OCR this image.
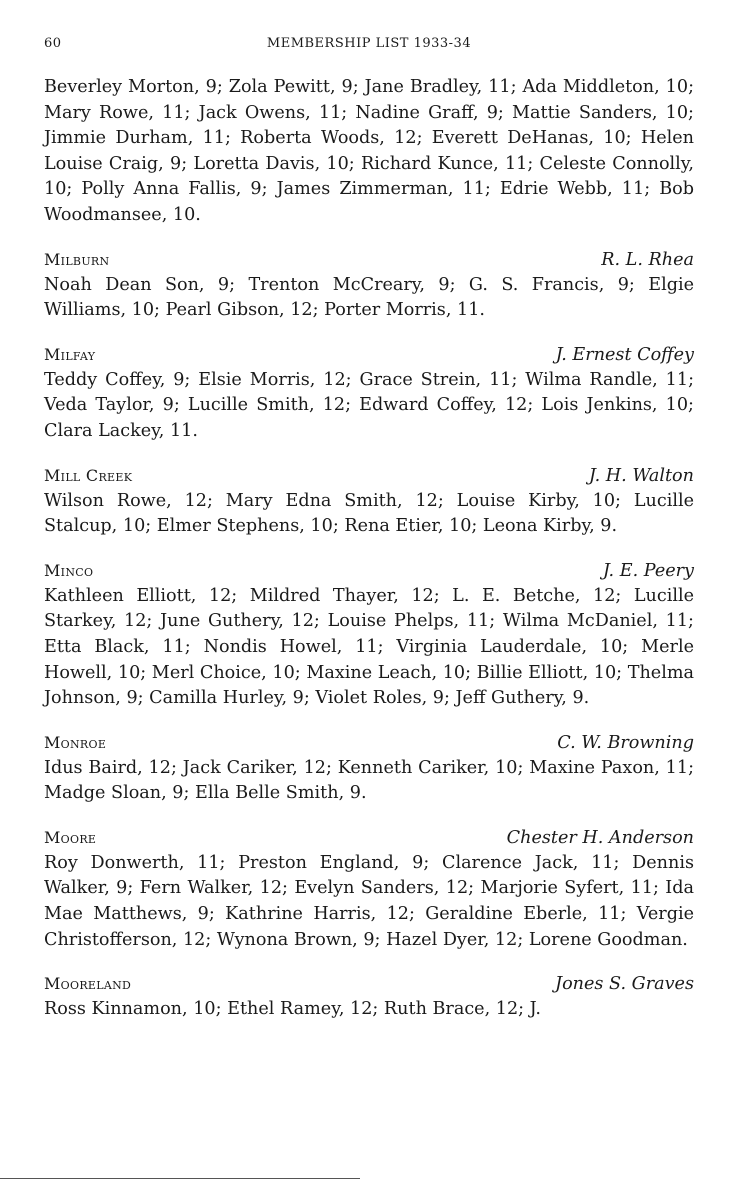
60	MEMBERSHIP LIST 1933-34

Beverley Morton, 9; Zola Pewitt, 9; Jane Bradley, 11; Ada Middleton, 10; Mary Rowe, 11; Jack Owens, 11; Nadine Graff, 9; Mattie Sanders, 10; Jimmie Durham, 11; Roberta Woods, 12; Everett DeHanas, 10; Helen Louise Craig, 9; Loretta Davis, 10; Richard Kunce, 11; Celeste Connolly, 10; Polly Anna Fallis, 9; James Zimmerman, 11; Edrie Webb, 11; Bob Woodmansee, 10.

Milburn	R. L. Rhea

Noah Dean Son, 9; Trenton McCreary, 9; G. S. Francis, 9; Elgie Williams, 10; Pearl Gibson, 12; Porter Morris, 11.

Milfay	J. Ernest Coffey

Teddy Coffey, 9; Elsie Morris, 12; Grace Strein, 11; Wilma Randle, 11; Veda Taylor, 9; Lucille Smith, 12; Edward Coffey, 12; Lois Jenkins, 10; Clara Lackey, 11.

Mill Creek	J. H. Walton

Wilson Rowe, 12; Mary Edna Smith, 12; Louise Kirby, 10; Lucille Stalcup, 10; Elmer Stephens, 10; Rena Etier, 10; Leona Kirby, 9.

Minco	J. E. Peery

Kathleen Elliott, 12; Mildred Thayer, 12; L. E. Betche, 12; Lucille Starkey, 12; June Guthery, 12; Louise Phelps, 11; Wilma McDaniel, 11; Etta Black, 11; Nondis Howel, 11; Virginia Lauderdale, 10; Merle Howell, 10; Merl Choice, 10; Maxine Leach, 10; Billie Elliott, 10; Thelma Johnson, 9; Camilla Hurley, 9; Violet Roles, 9; Jeff Guthery, 9.

Monroe	C. W. Browning

Idus Baird, 12; Jack Cariker, 12; Kenneth Cariker, 10; Maxine Paxon, 11; Madge Sloan, 9; Ella Belle Smith, 9.

Moore	Chester H. Anderson

Roy Donwerth, 11; Preston England, 9; Clarence Jack, 11; Dennis Walker, 9; Fern Walker, 12; Evelyn Sanders, 12; Marjorie Syfert, 11; Ida Mae Matthews, 9; Kathrine Harris, 12; Geraldine Eberle, 11; Vergie Christofferson, 12; Wynona Brown, 9; Hazel Dyer, 12; Lorene Goodman.

Mooreland	Jones S. Graves

Ross Kinnamon, 10; Ethel Ramey, 12; Ruth Brace, 12; J.
